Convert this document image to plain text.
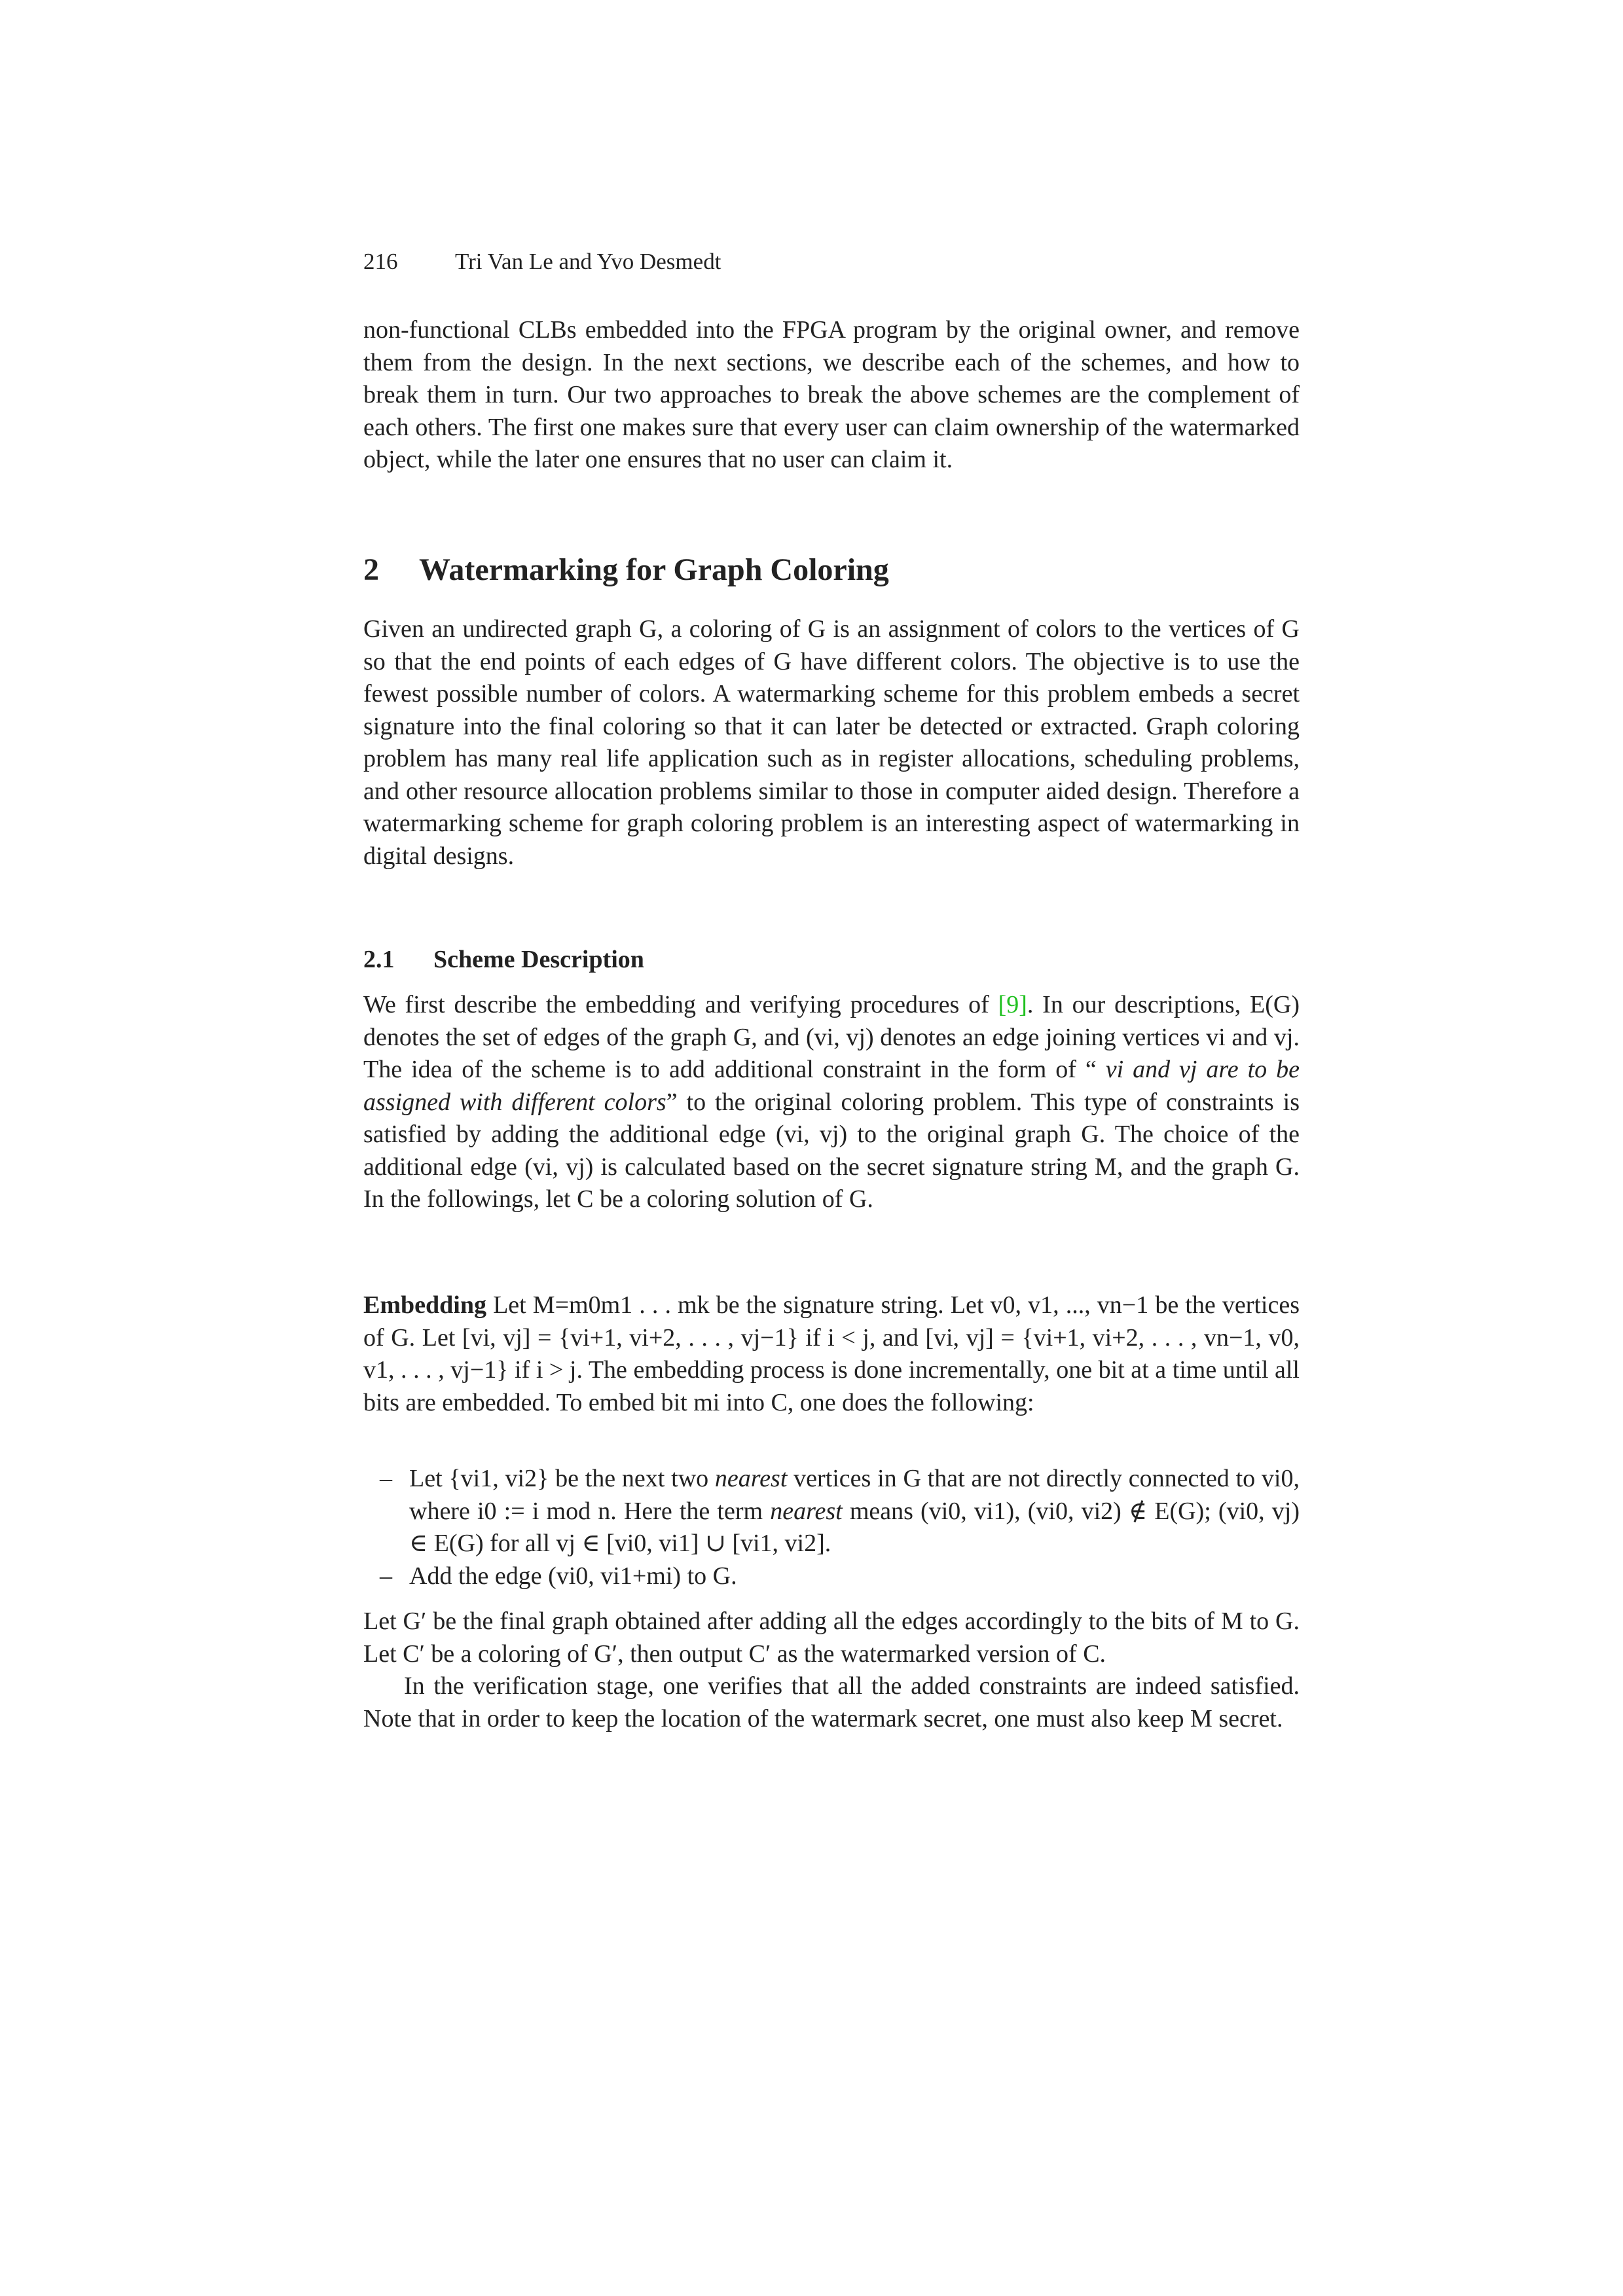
216	Tri Van Le and Yvo Desmedt

non-functional CLBs embedded into the FPGA program by the original owner, and remove them from the design. In the next sections, we describe each of the schemes, and how to break them in turn. Our two approaches to break the above schemes are the complement of each others. The first one makes sure that every user can claim ownership of the watermarked object, while the later one ensures that no user can claim it.

2 Watermarking for Graph Coloring

Given an undirected graph G, a coloring of G is an assignment of colors to the vertices of G so that the end points of each edges of G have different colors. The objective is to use the fewest possible number of colors. A watermarking scheme for this problem embeds a secret signature into the final coloring so that it can later be detected or extracted. Graph coloring problem has many real life application such as in register allocations, scheduling problems, and other resource allocation problems similar to those in computer aided design. Therefore a watermarking scheme for graph coloring problem is an interesting aspect of watermarking in digital designs.

2.1 Scheme Description

We first describe the embedding and verifying procedures of [9]. In our descriptions, E(G) denotes the set of edges of the graph G, and (vi, vj) denotes an edge joining vertices vi and vj. The idea of the scheme is to add additional constraint in the form of “ vi and vj are to be assigned with different colors” to the original coloring problem. This type of constraints is satisfied by adding the additional edge (vi, vj) to the original graph G. The choice of the additional edge (vi, vj) is calculated based on the secret signature string M, and the graph G. In the followings, let C be a coloring solution of G.

Embedding Let M=m0m1 . . . mk be the signature string. Let v0, v1, ..., vn−1 be the vertices of G. Let [vi, vj] = {vi+1, vi+2, . . . , vj−1} if i < j, and [vi, vj] = {vi+1, vi+2, . . . , vn−1, v0, v1, . . . , vj−1} if i > j. The embedding process is done incrementally, one bit at a time until all bits are embedded. To embed bit mi into C, one does the following:

– Let {vi1, vi2} be the next two nearest vertices in G that are not directly connected to vi0, where i0 := i mod n. Here the term nearest means (vi0, vi1), (vi0, vi2) ∉ E(G); (vi0, vj) ∈ E(G) for all vj ∈ [vi0, vi1] ∪ [vi1, vi2].
– Add the edge (vi0, vi1+mi) to G.

Let G′ be the final graph obtained after adding all the edges accordingly to the bits of M to G. Let C′ be a coloring of G′, then output C′ as the watermarked version of C.

In the verification stage, one verifies that all the added constraints are indeed satisfied. Note that in order to keep the location of the watermark secret, one must also keep M secret.
